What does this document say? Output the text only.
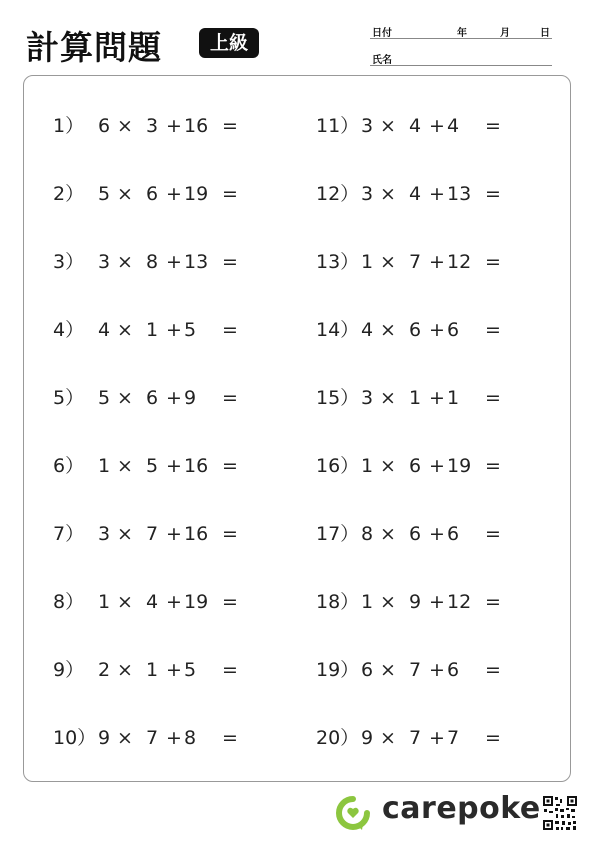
計算問題	上級	日付	年	月	日
氏名
1） 6 × 3 + 16 =
2） 5 × 6 + 19 =
3） 3 × 8 + 13 =
4） 4 × 1 + 5 =
5） 5 × 6 + 9 =
6） 1 × 5 + 16 =
7） 3 × 7 + 16 =
8） 1 × 4 + 19 =
9） 2 × 1 + 5 =
10） 9 × 7 + 8 =
11） 3 × 4 + 4 =
12） 3 × 4 + 13 =
13） 1 × 7 + 12 =
14） 4 × 6 + 6 =
15） 3 × 1 + 1 =
16） 1 × 6 + 19 =
17） 8 × 6 + 6 =
18） 1 × 9 + 12 =
19） 6 × 7 + 6 =
20） 9 × 7 + 7 =
carepoke
